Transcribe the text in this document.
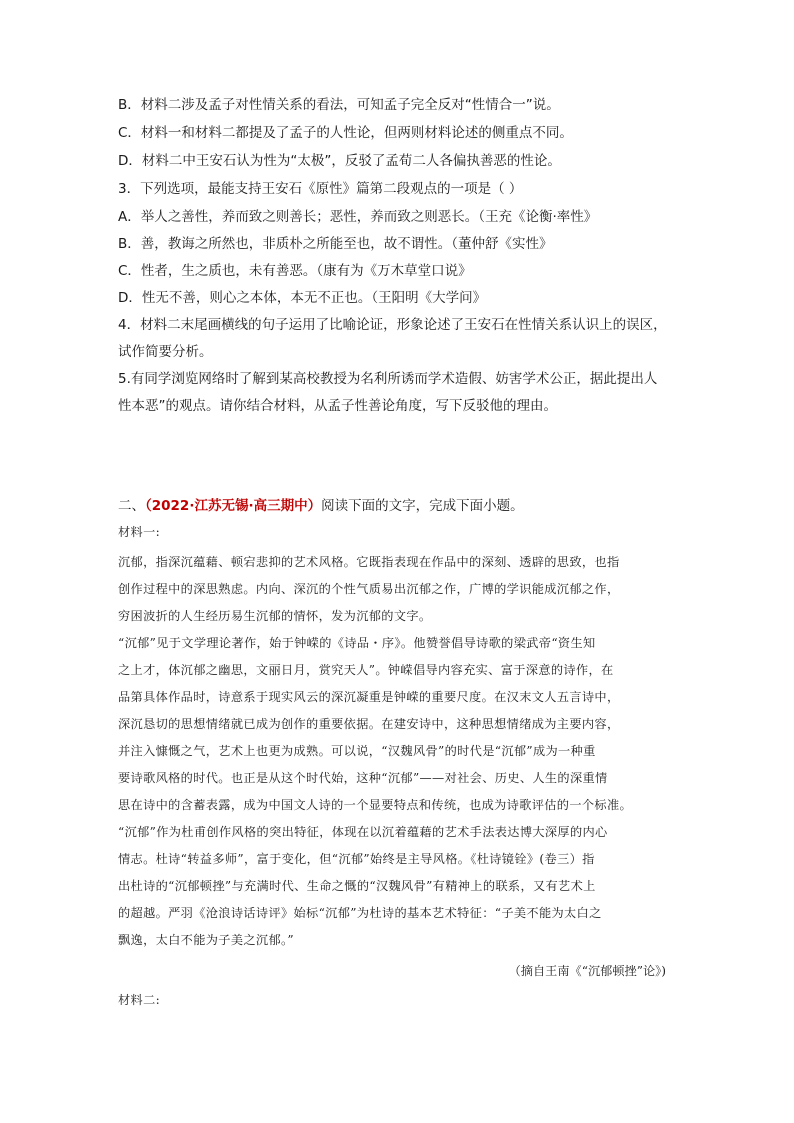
B．材料二涉及孟子对性情关系的看法，可知孟子完全反对“性情合一”说。
C．材料一和材料二都提及了孟子的人性论，但两则材料论述的侧重点不同。
D．材料二中王安石认为性为“太极”，反驳了孟荀二人各偏执善恶的性论。
3．下列选项，最能支持王安石《原性》篇第二段观点的一项是（ ）
A．举人之善性，养而致之则善长；恶性，养而致之则恶长。（王充《论衡·率性》
B．善，教诲之所然也，非质朴之所能至也，故不谓性。（董仲舒《实性》
C．性者，生之质也，未有善恶。（康有为《万木草堂口说》
D．性无不善，则心之本体，本无不正也。（王阳明《大学问》
4．材料二末尾画横线的句子运用了比喻论证，形象论述了王安石在性情关系认识上的误区，
试作简要分析。
5.有同学浏览网络时了解到某高校教授为名利所诱而学术造假、妨害学术公正，据此提出人
性本恶”的观点。请你结合材料，从孟子性善论角度，写下反驳他的理由。
二、（2022·江苏无锡·高三期中）阅读下面的文字，完成下面小题。
材料一:
沉郁，指深沉蕴藉、顿宕悲抑的艺术风格。它既指表现在作品中的深刻、透辟的思致，也指
创作过程中的深思熟虑。内向、深沉的个性气质易出沉郁之作，广博的学识能成沉郁之作，
穷困波折的人生经历易生沉郁的情怀，发为沉郁的文字。
“沉郁”见于文学理论著作，始于钟嵘的《诗品・序》。他赞誉倡导诗歌的梁武帝“资生知
之上才，体沉郁之幽思，文丽日月，赏究天人”。钟嵘倡导内容充实、富于深意的诗作，在
品第具体作品时，诗意系于现实风云的深沉凝重是钟嵘的重要尺度。在汉末文人五言诗中，
深沉恳切的思想情绪就已成为创作的重要依据。在建安诗中，这种思想情绪成为主要内容，
并注入慷慨之气，艺术上也更为成熟。可以说，“汉魏风骨”的时代是“沉郁”成为一种重
要诗歌风格的时代。也正是从这个时代始，这种“沉郁”——对社会、历史、人生的深重情
思在诗中的含蓄表露，成为中国文人诗的一个显要特点和传统，也成为诗歌评估的一个标准。
“沉郁”作为杜甫创作风格的突出特征，体现在以沉着蕴藉的艺术手法表达博大深厚的内心
情志。杜诗“转益多师”，富于变化，但“沉郁”始终是主导风格。《杜诗镜铨》(卷三）指
出杜诗的“沉郁顿挫”与充满时代、生命之慨的“汉魏风骨”有精神上的联系，又有艺术上
的超越。严羽《沧浪诗话诗评》始标“沉郁”为杜诗的基本艺术特征：“子美不能为太白之
飘逸，太白不能为子美之沉郁。”
（摘自王南《“沉郁顿挫”论》)
材料二:
